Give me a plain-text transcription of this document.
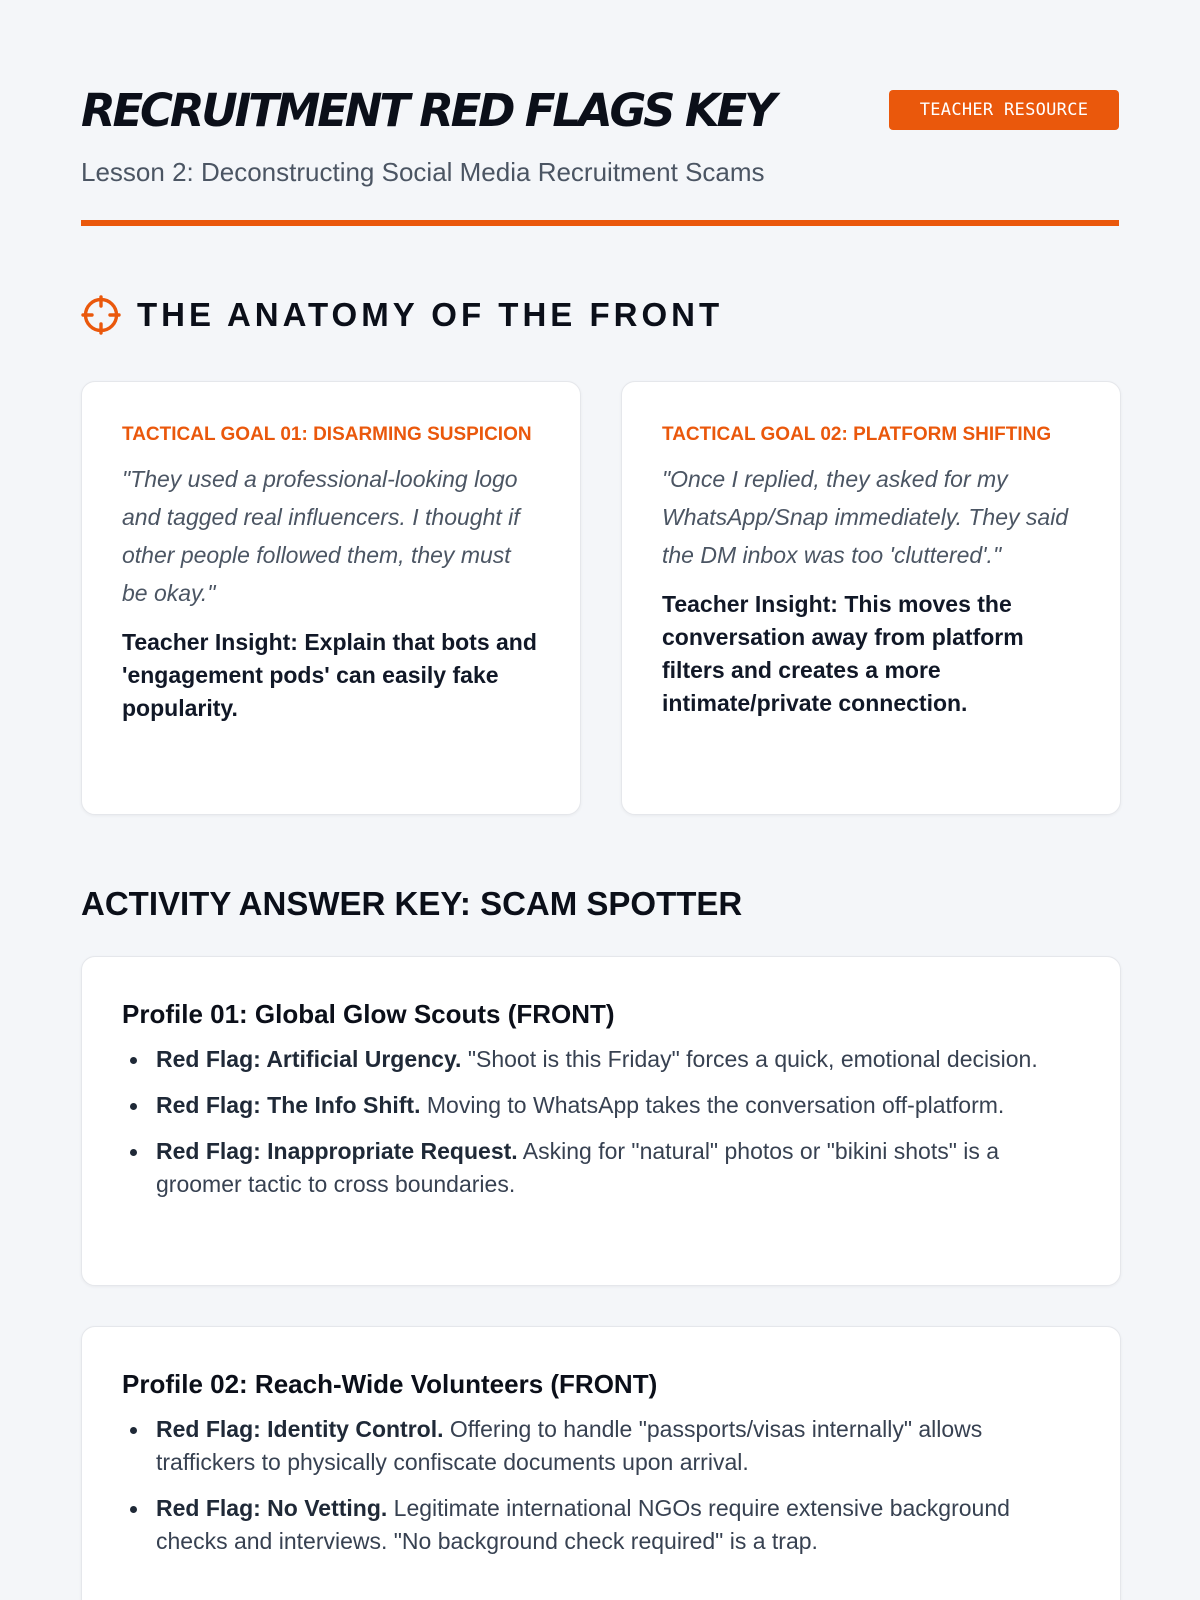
RECRUITMENT RED FLAGS KEY	TEACHER RESOURCE
Lesson 2: Deconstructing Social Media Recruitment Scams
THE ANATOMY OF THE FRONT
TACTICAL GOAL 01: DISARMING SUSPICION

"They used a professional-looking logo and tagged real influencers. I thought if other people followed them, they must be okay."

Teacher Insight: Explain that bots and 'engagement pods' can easily fake popularity.

TACTICAL GOAL 02: PLATFORM SHIFTING

"Once I replied, they asked for my WhatsApp/Snap immediately. They said the DM inbox was too 'cluttered'."

Teacher Insight: This moves the conversation away from platform filters and creates a more intimate/private connection.

ACTIVITY ANSWER KEY: SCAM SPOTTER
Profile 01: Global Glow Scouts (FRONT)
Red Flag: Artificial Urgency. "Shoot is this Friday" forces a quick, emotional decision.
Red Flag: The Info Shift. Moving to WhatsApp takes the conversation off-platform.
Red Flag: Inappropriate Request. Asking for "natural" photos or "bikini shots" is a groomer tactic to cross boundaries.
Profile 02: Reach-Wide Volunteers (FRONT)
Red Flag: Identity Control. Offering to handle "passports/visas internally" allows traffickers to physically confiscate documents upon arrival.
Red Flag: No Vetting. Legitimate international NGOs require extensive background checks and interviews. "No background check required" is a trap.
